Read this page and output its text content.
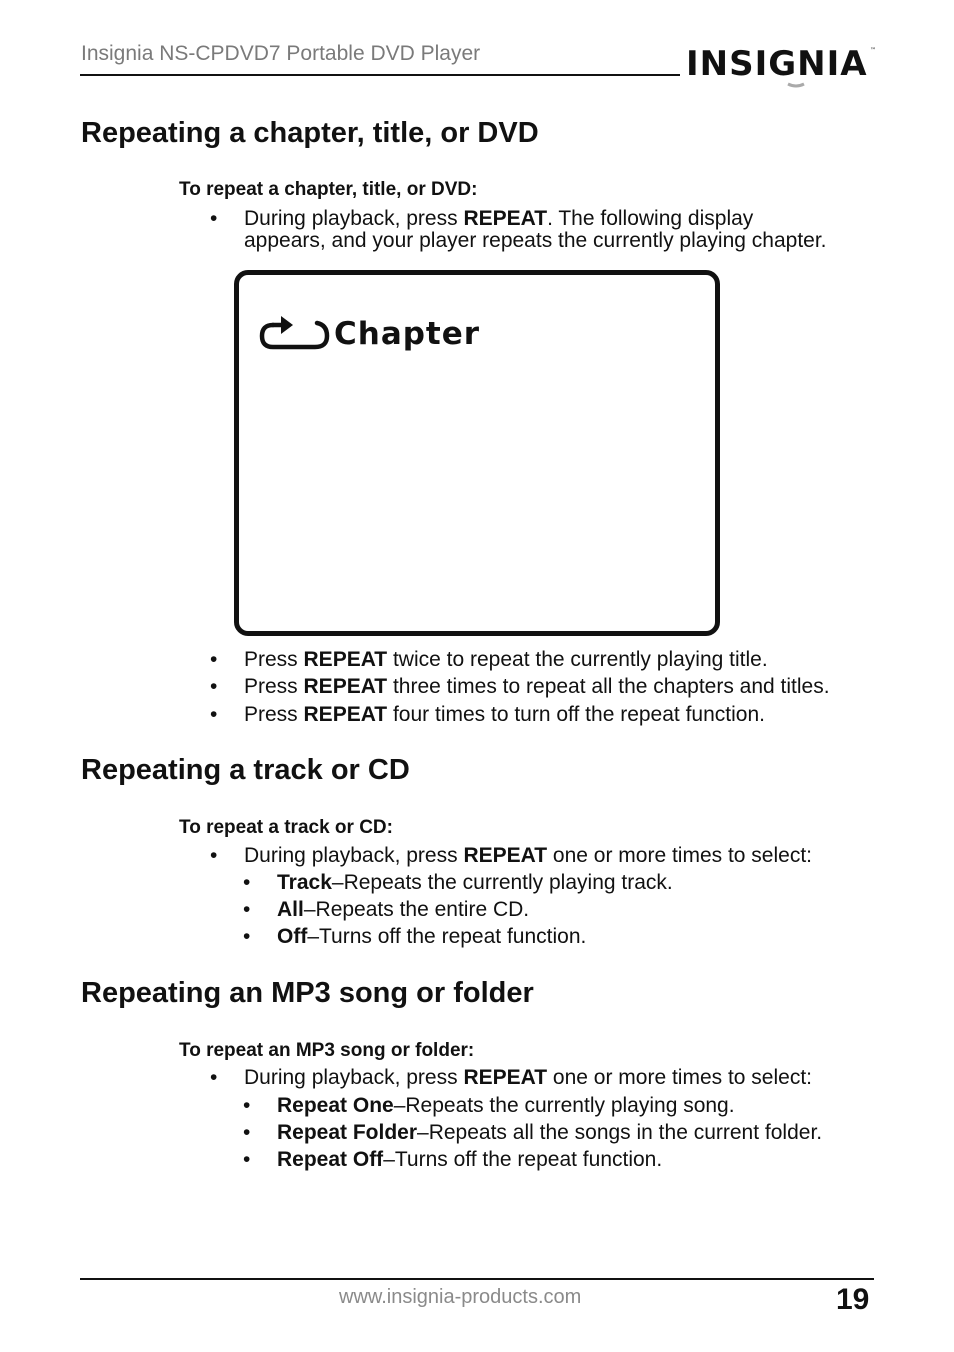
Insignia NS-CPDVD7 Portable DVD Player	INSIGNIA ™
Repeating a chapter, title, or DVD
To repeat a chapter, title, or DVD:
• During playback, press REPEAT. The following display
appears, and your player repeats the currently playing chapter.
Chapter
• Press REPEAT twice to repeat the currently playing title.
• Press REPEAT three times to repeat all the chapters and titles.
• Press REPEAT four times to turn off the repeat function.
Repeating a track or CD
To repeat a track or CD:
• During playback, press REPEAT one or more times to select:
• Track–Repeats the currently playing track.
• All–Repeats the entire CD.
• Off–Turns off the repeat function.
Repeating an MP3 song or folder
To repeat an MP3 song or folder:
• During playback, press REPEAT one or more times to select:
• Repeat One–Repeats the currently playing song.
• Repeat Folder–Repeats all the songs in the current folder.
• Repeat Off–Turns off the repeat function.
www.insignia-products.com	19
